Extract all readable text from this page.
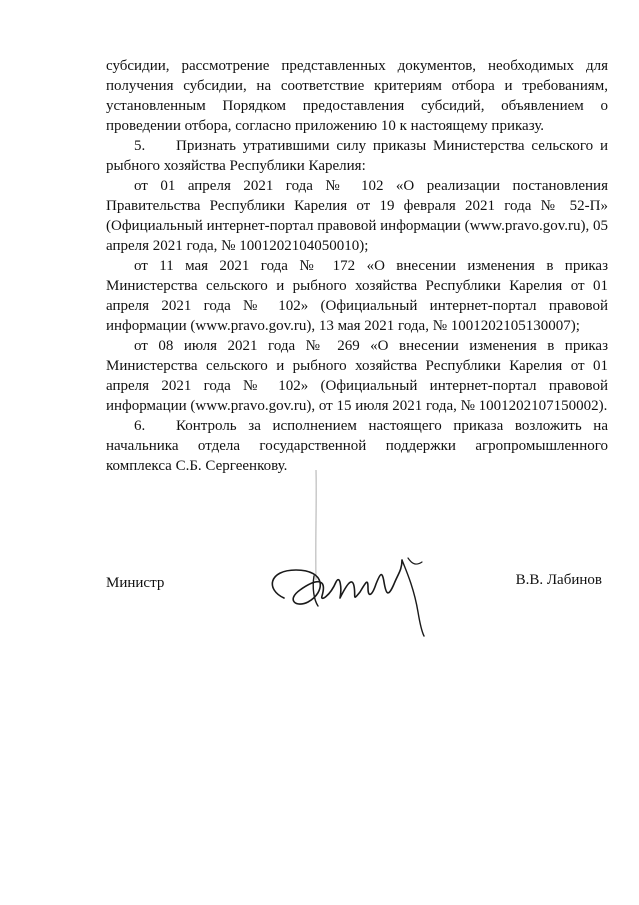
субсидии, рассмотрение представленных документов, необходимых для получения субсидии, на соответствие критериям отбора и требованиям, установленным Порядком предоставления субсидий, объявлением о проведении отбора, согласно приложению 10 к настоящему приказу.

5. Признать утратившими силу приказы Министерства сельского и рыбного хозяйства Республики Карелия:

от 01 апреля 2021 года № 102 «О реализации постановления Правительства Республики Карелия от 19 февраля 2021 года № 52-П» (Официальный интернет-портал правовой информации (www.pravo.gov.ru), 05 апреля 2021 года, № 1001202104050010);

от 11 мая 2021 года № 172 «О внесении изменения в приказ Министерства сельского и рыбного хозяйства Республики Карелия от 01 апреля 2021 года № 102» (Официальный интернет-портал правовой информации (www.pravo.gov.ru), 13 мая 2021 года, № 1001202105130007);

от 08 июля 2021 года № 269 «О внесении изменения в приказ Министерства сельского и рыбного хозяйства Республики Карелия от 01 апреля 2021 года № 102» (Официальный интернет-портал правовой информации (www.pravo.gov.ru), от 15 июля 2021 года, № 1001202107150002).

6. Контроль за исполнением настоящего приказа возложить на начальника отдела государственной поддержки агропромышленного комплекса С.Б. Сергеенкову.

Министр	В.В. Лабинов
